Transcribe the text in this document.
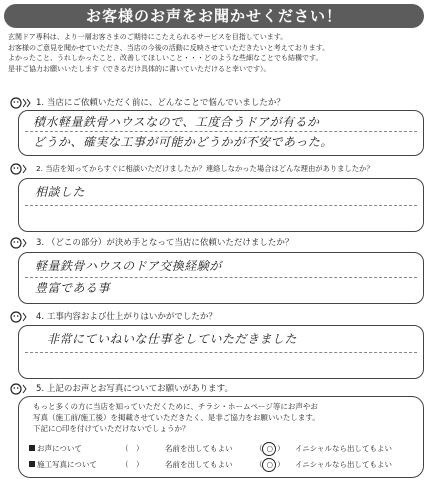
お客様のお声をお聞かせください！

玄関ドア専科は、より一層お客さまのご期待にこたえられるサービスを目指しています。

お客様のご意見を聞かせていただき、当店の今後の活動に反映させていただきたいと考えております。

よかったこと、うれしかったこと、改善してほしいこと・・・どのような些細なことでも結構です。

是非ご協力お願いいたします（できるだけ具体的に書いていただけると幸いです）。

1. 当店にご依頼いただく前に、どんなことで悩んでいましたか？
積水軽量鉄骨ハウスなので、工度合うドアが有るか
どうか、確実な工事が可能かどうかが不安であった。
2. 当店を知ってからすぐに相談いただけましたか？連絡しなかった場合はどんな理由がありましたか？
相談した
3. （どこの部分）が決め手となって当店に依頼いただけましたか？
軽量鉄骨ハウスのドア交換経験が
豊富である事
4. 工事内容および仕上がりはいかがでしたか？
非常にていねいな仕事をしていただきました
5. 上記のお声とお写真についてお願いがあります。

もっと多くの方に当店を知っていただくために、チラシ・ホームページ等にお声やお

写真（施工前/施工後）を掲載させていただきたく、是非ご協力をお願いいたします。

下記に○印を付けていただけないでしょうか？

お声について	（　）	名前を出してもよい	（ ○ ） イニシャルなら出してもよい
施工写真について	（　）	名前を出してもよい	（ ○ ） イニシャルなら出してもよい
